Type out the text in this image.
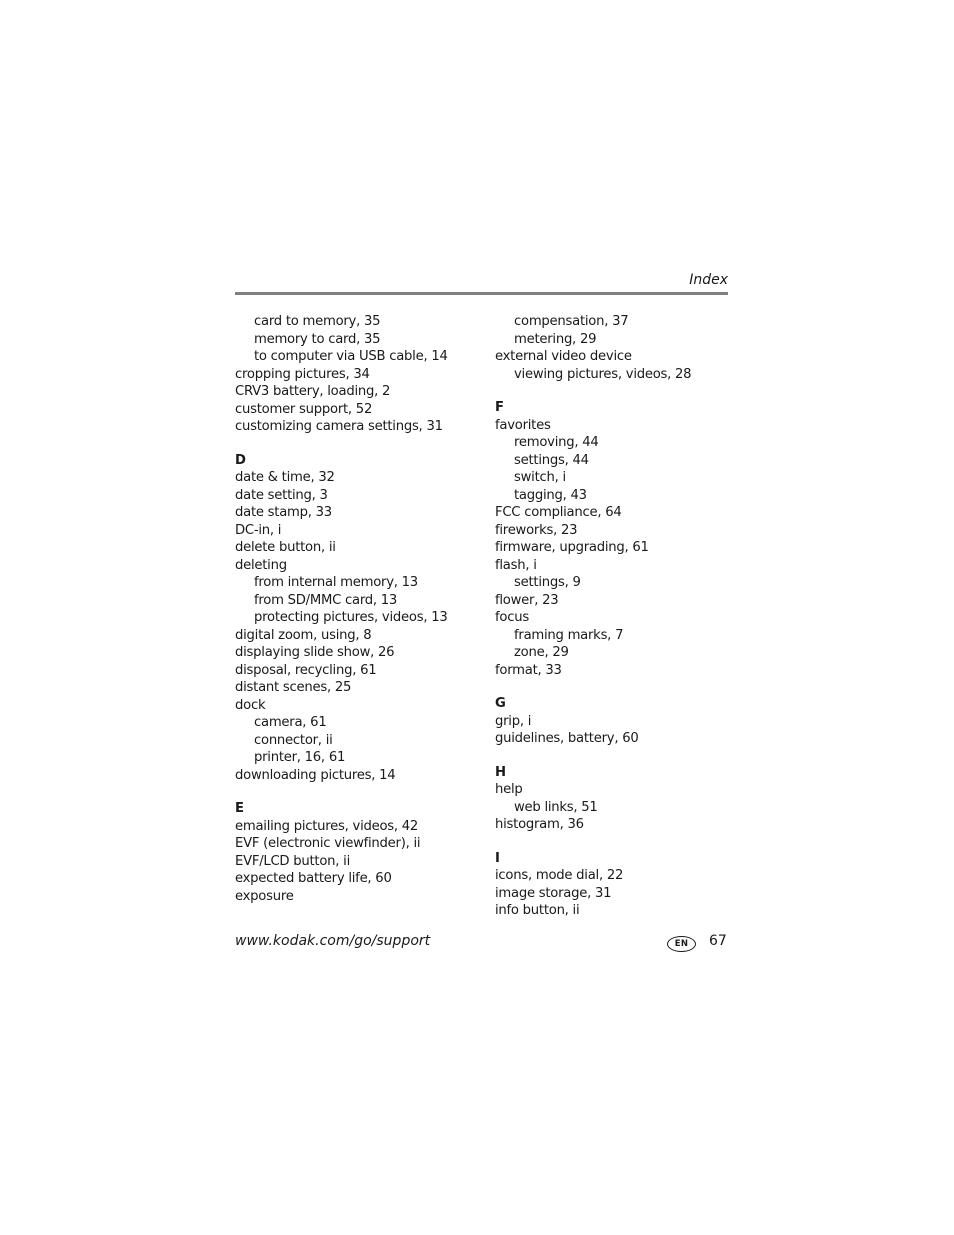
Index
card to memory, 35
memory to card, 35
to computer via USB cable, 14
cropping pictures, 34
CRV3 battery, loading, 2
customer support, 52
customizing camera settings, 31
D
date & time, 32
date setting, 3
date stamp, 33
DC-in, i
delete button, ii
deleting
from internal memory, 13
from SD/MMC card, 13
protecting pictures, videos, 13
digital zoom, using, 8
displaying slide show, 26
disposal, recycling, 61
distant scenes, 25
dock
camera, 61
connector, ii
printer, 16, 61
downloading pictures, 14
E
emailing pictures, videos, 42
EVF (electronic viewfinder), ii
EVF/LCD button, ii
expected battery life, 60
exposure
compensation, 37
metering, 29
external video device
viewing pictures, videos, 28
F
favorites
removing, 44
settings, 44
switch, i
tagging, 43
FCC compliance, 64
fireworks, 23
firmware, upgrading, 61
flash, i
settings, 9
flower, 23
focus
framing marks, 7
zone, 29
format, 33
G
grip, i
guidelines, battery, 60
H
help
web links, 51
histogram, 36
I
icons, mode dial, 22
image storage, 31
info button, ii
www.kodak.com/go/support	EN	67
